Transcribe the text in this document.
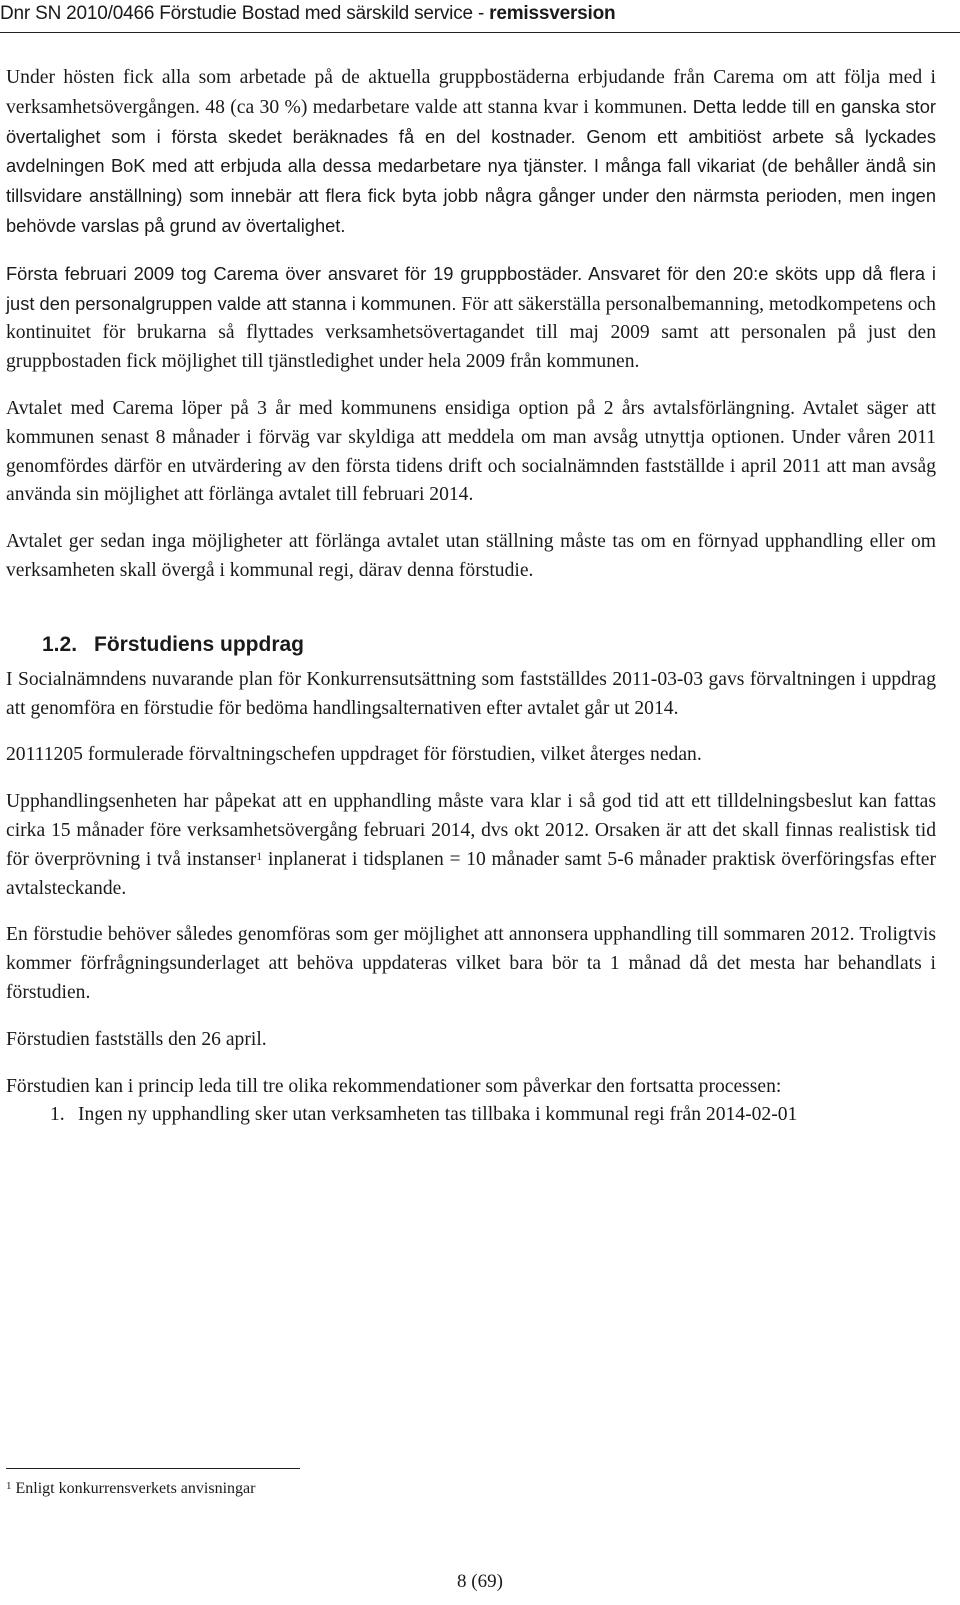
Dnr SN 2010/0466 Förstudie Bostad med särskild service - remissversion

Under hösten fick alla som arbetade på de aktuella gruppbostäderna erbjudande från Carema om att följa med i verksamhetsövergången. 48 (ca 30 %) medarbetare valde att stanna kvar i kommunen. Detta ledde till en ganska stor övertalighet som i första skedet beräknades få en del kostnader. Genom ett ambitiöst arbete så lyckades avdelningen BoK med att erbjuda alla dessa medarbetare nya tjänster. I många fall vikariat (de behåller ändå sin tillsvidare anställning) som innebär att flera fick byta jobb några gånger under den närmsta perioden, men ingen behövde varslas på grund av övertalighet.

Första februari 2009 tog Carema över ansvaret för 19 gruppbostäder. Ansvaret för den 20:e sköts upp då flera i just den personalgruppen valde att stanna i kommunen. För att säkerställa personalbemanning, metodkompetens och kontinuitet för brukarna så flyttades verksamhetsövertagandet till maj 2009 samt att personalen på just den gruppbostaden fick möjlighet till tjänstledighet under hela 2009 från kommunen.

Avtalet med Carema löper på 3 år med kommunens ensidiga option på 2 års avtalsförlängning. Avtalet säger att kommunen senast 8 månader i förväg var skyldiga att meddela om man avsåg utnyttja optionen. Under våren 2011 genomfördes därför en utvärdering av den första tidens drift och socialnämnden fastställde i april 2011 att man avsåg använda sin möjlighet att förlänga avtalet till februari 2014.

Avtalet ger sedan inga möjligheter att förlänga avtalet utan ställning måste tas om en förnyad upphandling eller om verksamheten skall övergå i kommunal regi, därav denna förstudie.

1.2. Förstudiens uppdrag

I Socialnämndens nuvarande plan för Konkurrensutsättning som fastställdes 2011-03-03 gavs förvaltningen i uppdrag att genomföra en förstudie för bedöma handlingsalternativen efter avtalet går ut 2014.

20111205 formulerade förvaltningschefen uppdraget för förstudien, vilket återges nedan.

Upphandlingsenheten har påpekat att en upphandling måste vara klar i så god tid att ett tilldelningsbeslut kan fattas cirka 15 månader före verksamhetsövergång februari 2014, dvs okt 2012. Orsaken är att det skall finnas realistisk tid för överprövning i två instanser$^1$ inplanerat i tidsplanen = 10 månader samt 5-6 månader praktisk överföringsfas efter avtalsteckande.

En förstudie behöver således genomföras som ger möjlighet att annonsera upphandling till sommaren 2012. Troligtvis kommer förfrågningsunderlaget att behöva uppdateras vilket bara bör ta 1 månad då det mesta har behandlats i förstudien.

Förstudien fastställs den 26 april.

Förstudien kan i princip leda till tre olika rekommendationer som påverkar den fortsatta processen:

1. Ingen ny upphandling sker utan verksamheten tas tillbaka i kommunal regi från 2014-02-01
$^1$ Enligt konkurrensverkets anvisningar
8 (69)
